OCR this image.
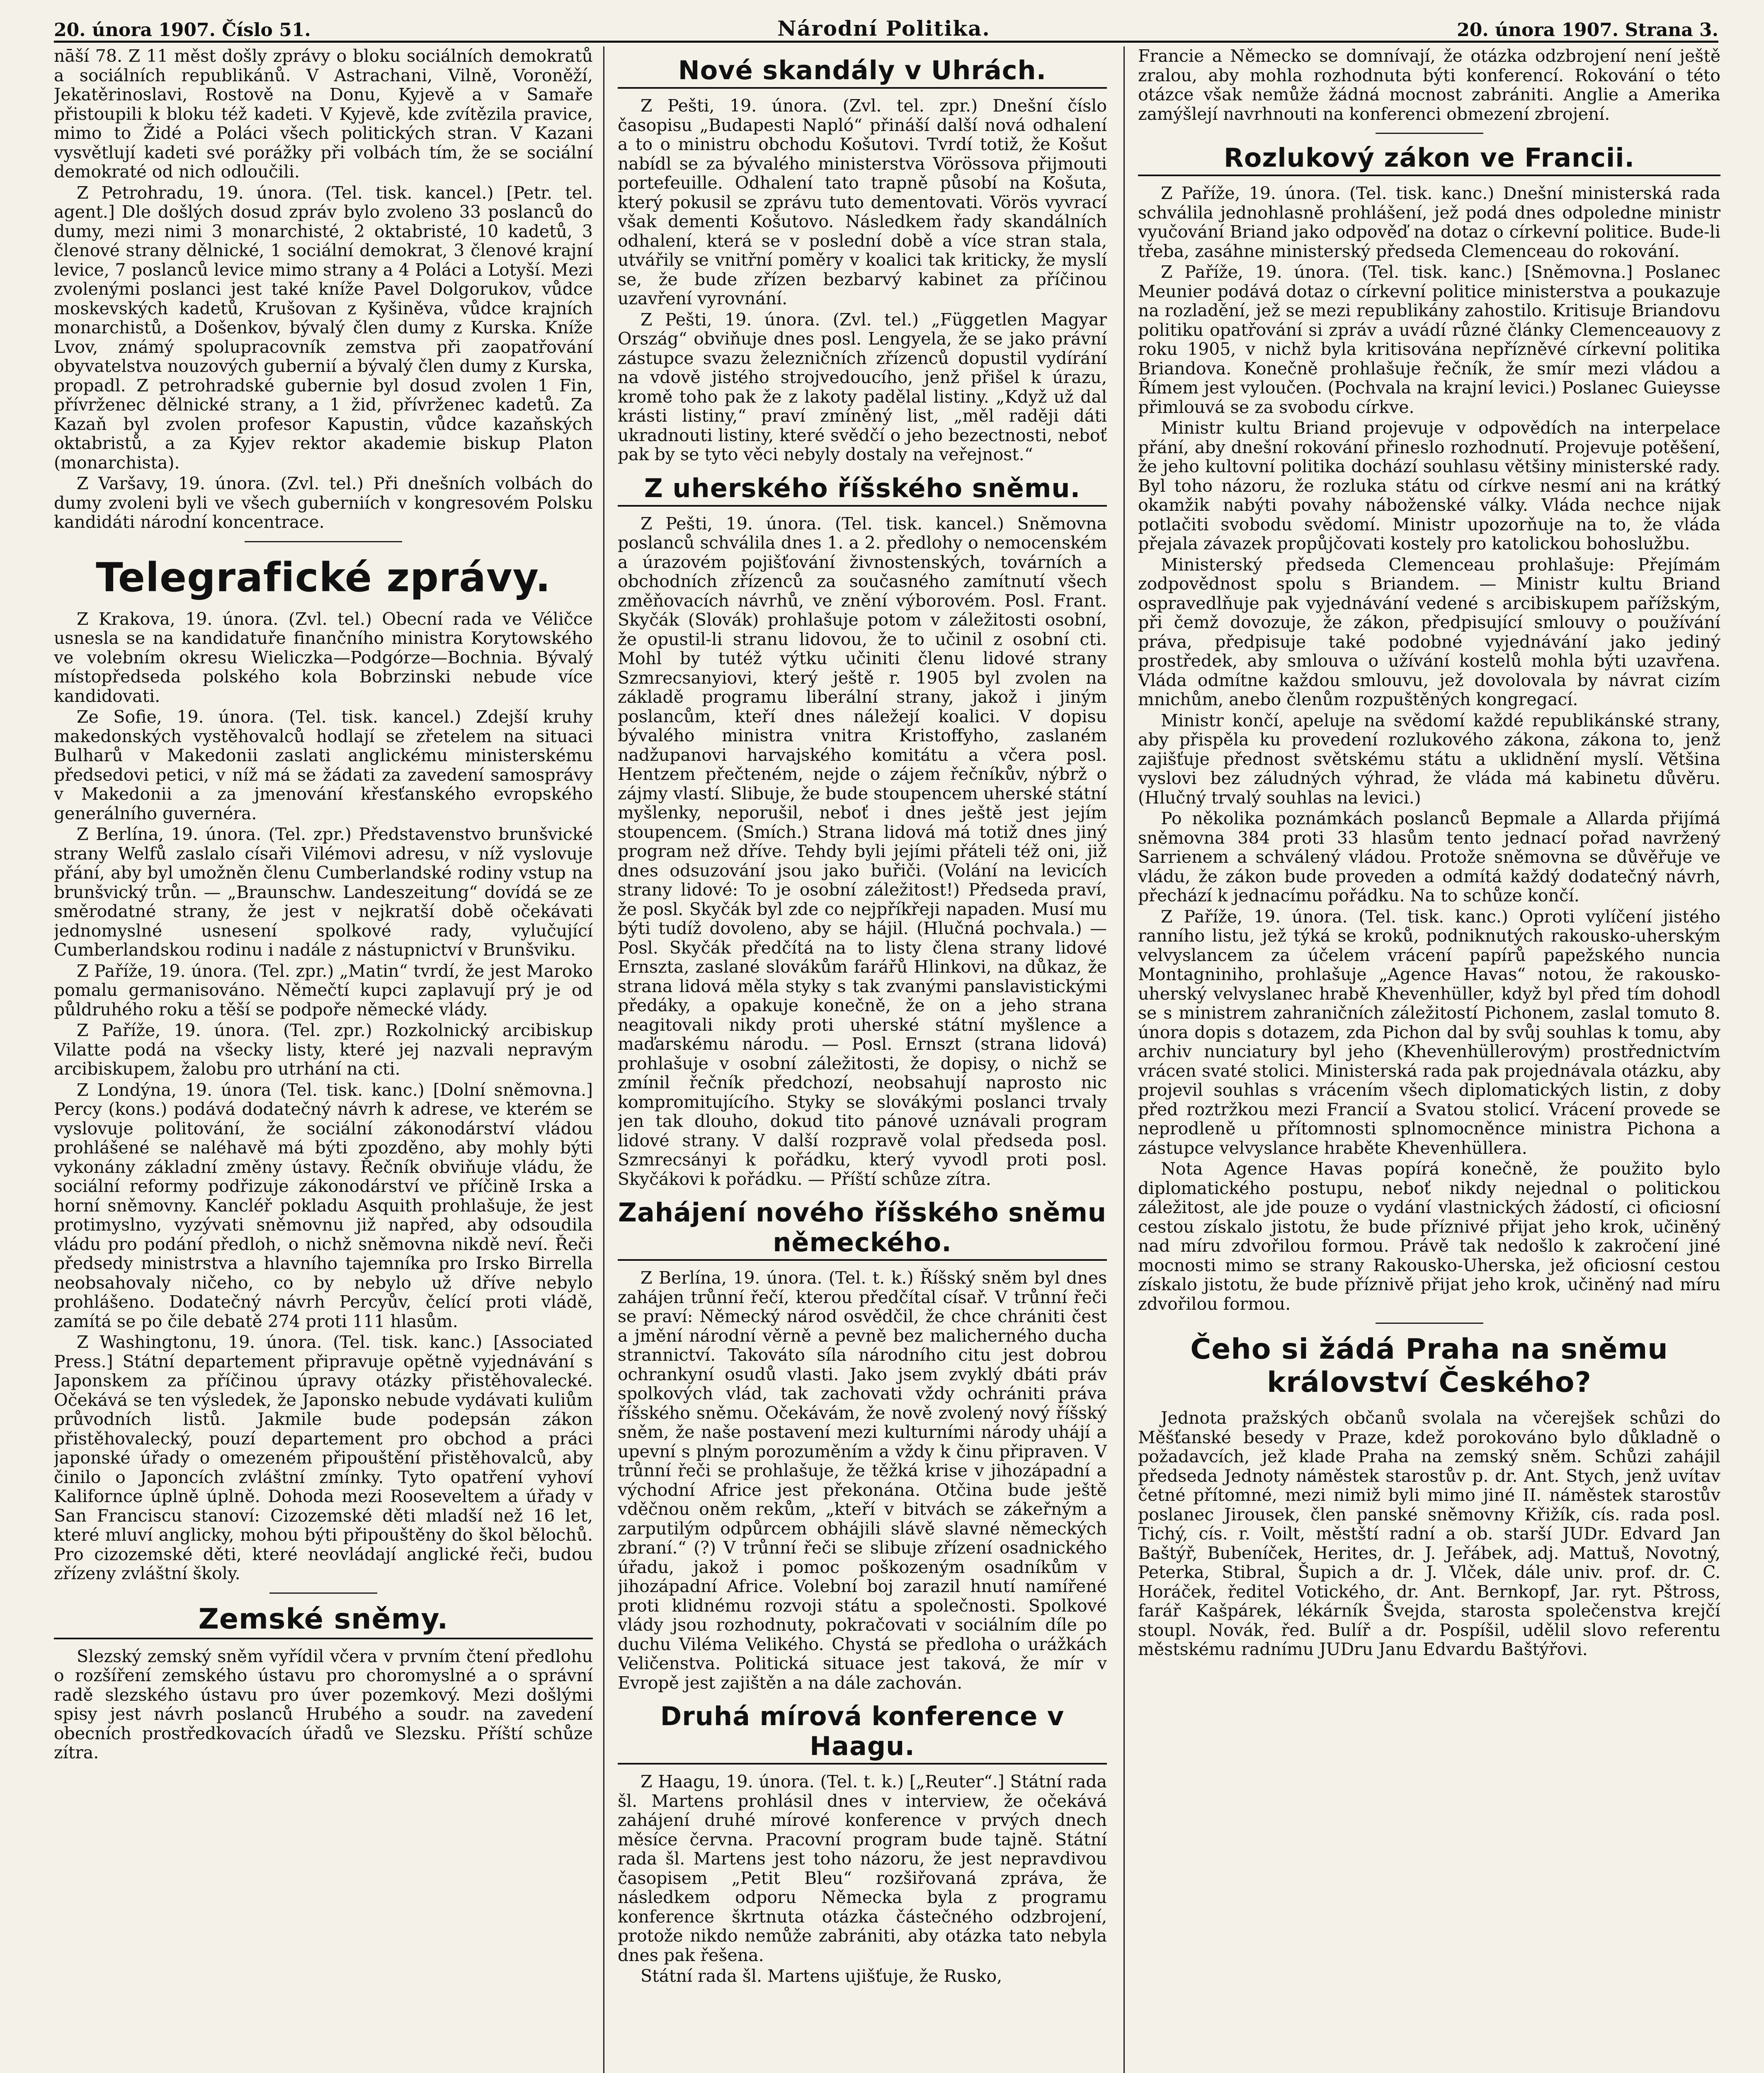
20. února 1907. Číslo 51.	Národní Politika.	20. února 1907. Strana 3.

nāší 78. Z 11 měst došly zprávy o bloku sociálních demokratů a sociálních republikánů. V Astrachani, Vilně, Voroněží, Jekatěrinoslavi, Rostově na Donu, Kyjevě a v Samaře přistoupili k bloku též kadeti. V Kyjevě, kde zvítězila pravice, mimo to Židé a Poláci všech politických stran. V Kazani vysvětlují kadeti své porážky při volbách tím, že se sociální demokraté od nich odloučili.

Z Petrohradu, 19. února. (Tel. tisk. kancel.) [Petr. tel. agent.] Dle došlých dosud zpráv bylo zvoleno 33 poslanců do dumy, mezi nimi 3 monarchisté, 2 oktabristé, 10 kadetů, 3 členové strany dělnické, 1 sociální demokrat, 3 členové krajní levice, 7 poslanců levice mimo strany a 4 Poláci a Lotyší. Mezi zvolenými poslanci jest také kníže Pavel Dolgorukov, vůdce moskevských kadetů, Krušovan z Kyšiněva, vůdce krajních monarchistů, a Došenkov, bývalý člen dumy z Kurska. Kníže Lvov, známý spolupracovník zemstva při zaopatřování obyvatelstva nouzových gubernií a bývalý člen dumy z Kurska, propadl. Z petrohradské gubernie byl dosud zvolen 1 Fin, přívrženec dělnické strany, a 1 žid, přívrženec kadetů. Za Kazaň byl zvolen profesor Kapustin, vůdce kazaňských oktabristů, a za Kyjev rektor akademie biskup Platon (monarchista).

Z Varšavy, 19. února. (Zvl. tel.) Při dnešních volbách do dumy zvoleni byli ve všech guberniích v kongresovém Polsku kandidáti národní koncentrace.

Telegrafické zprávy.

Z Krakova, 19. února. (Zvl. tel.) Obecní rada ve Véličce usnesla se na kandidatuře finančního ministra Korytowského ve volebním okresu Wieliczka—Podgórze—Bochnia. Bývalý místopředseda polského kola Bobrzinski nebude více kandidovati.

Ze Sofie, 19. února. (Tel. tisk. kancel.) Zdejší kruhy makedonských vystěhovalců hodlají se zřetelem na situaci Bulharů v Makedonii zaslati anglickému ministerskému předsedovi petici, v níž má se žádati za zavedení samosprávy v Makedonii a za jmenování křesťanského evropského generálního guvernéra.

Z Berlína, 19. února. (Tel. zpr.) Představenstvo brunšvické strany Welfů zaslalo císaři Vilémovi adresu, v níž vyslovuje přání, aby byl umožněn členu Cumberlandské rodiny vstup na brunšvický trůn. — „Braunschw. Landeszeitung“ dovídá se ze směrodatné strany, že jest v nejkratší době očekávati jednomyslné usnesení spolkové rady, vylučující Cumberlandskou rodinu i nadále z nástupnictví v Brunšviku.

Z Paříže, 19. února. (Tel. zpr.) „Matin“ tvrdí, že jest Maroko pomalu germanisováno. Němečtí kupci zaplavují prý je od půldruhého roku a těší se podpoře německé vlády.

Z Paříže, 19. února. (Tel. zpr.) Rozkolnický arcibiskup Vilatte podá na všecky listy, které jej nazvali nepravým arcibiskupem, žalobu pro utrhání na cti.

Z Londýna, 19. února (Tel. tisk. kanc.) [Dolní sněmovna.] Percy (kons.) podává dodatečný návrh k adrese, ve kterém se vyslovuje politování, že sociální zákonodárství vládou prohlášené se naléhavě má býti zpozděno, aby mohly býti vykonány základní změny ústavy. Řečník obviňuje vládu, že sociální reformy podřizuje zákonodárství ve příčině Irska a horní sněmovny. Kancléř pokladu Asquith prohlašuje, že jest protimyslno, vyzývati sněmovnu již napřed, aby odsoudila vládu pro podání předloh, o nichž sněmovna nikdě neví. Řeči předsedy ministrstva a hlavního tajemníka pro Irsko Birrella neobsahovaly ničeho, co by nebylo už dříve nebylo prohlášeno. Dodatečný návrh Percyův, čelící proti vládě, zamítá se po čile debatě 274 proti 111 hlasům.

Z Washingtonu, 19. února. (Tel. tisk. kanc.) [Associated Press.] Státní departement připravuje opětně vyjednávání s Japonskem za příčinou úpravy otázky přistěhovalecké. Očekává se ten výsledek, že Japonsko nebude vydávati kuliům průvodních listů. Jakmile bude podepsán zákon přistěhovalecký, pouzí departement pro obchod a práci japonské úřady o omezeném připouštění přistěhovalců, aby činilo o Japoncích zvláštní zmínky. Tyto opatření vyhoví Kalifornce úplně úplně. Dohoda mezi Rooseveltem a úřady v San Franciscu stanoví: Cizozemské děti mladší než 16 let, které mluví anglicky, mohou býti připouštěny do škol bělochů. Pro cizozemské děti, které neovládají anglické řeči, budou zřízeny zvláštní školy.

Zemské sněmy.

Slezský zemský sněm vyřídil včera v prvním čtení předlohu o rozšíření zemského ústavu pro choromyslné a o správní radě slezského ústavu pro úver pozemkový. Mezi došlými spisy jest návrh poslanců Hrubého a soudr. na zavedení obecních prostředkovacích úřadů ve Slezsku. Příští schůze zítra.

Nové skandály v Uhrách.

Z Pešti, 19. února. (Zvl. tel. zpr.) Dnešní číslo časopisu „Budapesti Napló“ přináší další nová odhalení a to o ministru obchodu Košutovi. Tvrdí totiž, že Košut nabídl se za bývalého ministerstva Vörössova přijmouti portefeuille. Odhalení tato trapně působí na Košuta, který pokusil se zprávu tuto dementovati. Vörös vyvrací však dementi Košutovo. Následkem řady skandálních odhalení, která se v poslední době a více stran stala, utvářily se vnitřní poměry v koalici tak kriticky, že myslí se, že bude zřízen bezbarvý kabinet za příčinou uzavření vyrovnání.

Z Pešti, 19. února. (Zvl. tel.) „Független Magyar Ország“ obviňuje dnes posl. Lengyela, že se jako právní zástupce svazu železničních zřízenců dopustil vydírání na vdově jistého strojvedoucího, jenž přišel k úrazu, kromě toho pak že z lakoty padělal listiny. „Když už dal krásti listiny,“ praví zmíněný list, „měl raději dáti ukradnouti listiny, které svědčí o jeho bezectnosti, neboť pak by se tyto věci nebyly dostaly na veřejnost.“

Z uherského říšského sněmu.

Z Pešti, 19. února. (Tel. tisk. kancel.) Sněmovna poslanců schválila dnes 1. a 2. předlohy o nemocenském a úrazovém pojišťování živnostenských, továrních a obchodních zřízenců za současného zamítnutí všech změňovacích návrhů, ve znění výborovém. Posl. Frant. Skyčák (Slovák) prohlašuje potom v záležitosti osobní, že opustil-li stranu lidovou, že to učinil z osobní cti. Mohl by tutéž výtku učiniti členu lidové strany Szmrecsanyiovi, který ještě r. 1905 byl zvolen na základě programu liberální strany, jakož i jiným poslancům, kteří dnes náležejí koalici. V dopisu bývalého ministra vnitra Kristoffyho, zaslaném nadžupanovi harvajského komitátu a včera posl. Hentzem přečteném, nejde o zájem řečníkův, nýbrž o zájmy vlastí. Slibuje, že bude stoupencem uherské státní myšlenky, neporušil, neboť i dnes ještě jest jejím stoupencem. (Smích.) Strana lidová má totiž dnes jiný program než dříve. Tehdy byli jejími přáteli též oni, již dnes odsuzování jsou jako buřiči. (Volání na levicích strany lidové: To je osobní záležitost!) Předseda praví, že posl. Skyčák byl zde co nejpříkřeji napaden. Musí mu býti tudíž dovoleno, aby se hájil. (Hlučná pochvala.) — Posl. Skyčák předčítá na to listy člena strany lidové Ernszta, zaslané slovákům farářů Hlinkovi, na důkaz, že strana lidová měla styky s tak zvanými panslavistickými předáky, a opakuje konečně, že on a jeho strana neagitovali nikdy proti uherské státní myšlence a maďarskému národu. — Posl. Ernszt (strana lidová) prohlašuje v osobní záležitosti, že dopisy, o nichž se zmínil řečník předchozí, neobsahují naprosto nic kompromitujícího. Styky se slovákými poslanci trvaly jen tak dlouho, dokud tito pánové uznávali program lidové strany. V další rozpravě volal předseda posl. Szmrecsányi k pořádku, který vyvodl proti posl. Skyčákovi k pořádku. — Příští schůze zítra.

Zahájení nového říšského sněmu německého.

Z Berlína, 19. února. (Tel. t. k.) Říšský sněm byl dnes zahájen trůnní řečí, kterou předčítal císař. V trůnní řeči se praví: Německý národ osvědčil, že chce chrániti čest a jmění národní věrně a pevně bez malicherného ducha strannictví. Takováto síla národního citu jest dobrou ochrankyní osudů vlasti. Jako jsem zvyklý dbáti práv spolkových vlád, tak zachovati vždy ochrániti práva říšského sněmu. Očekávám, že nově zvolený nový říšský sněm, že naše postavení mezi kulturními národy uhájí a upevní s plným porozuměním a vždy k činu připraven. V trůnní řeči se prohlašuje, že těžká krise v jihozápadní a východní Africe jest překonána. Otčina bude ještě vděčnou oněm rekům, „kteří v bitvách se zákeřným a zarputilým odpůrcem obhájili slávě slavné německých zbraní.“ (?) V trůnní řeči se slibuje zřízení osadnického úřadu, jakož i pomoc poškozeným osadníkům v jihozápadní Africe. Volební boj zarazil hnutí namířené proti klidnému rozvoji státu a společnosti. Spolkové vlády jsou rozhodnuty, pokračovati v sociálním díle po duchu Viléma Velikého. Chystá se předloha o urážkách Veličenstva. Politická situace jest taková, že mír v Evropě jest zajištěn a na dále zachován.

Druhá mírová konference v Haagu.

Z Haagu, 19. února. (Tel. t. k.) [„Reuter“.] Státní rada šl. Martens prohlásil dnes v interview, že očekává zahájení druhé mírové konference v prvých dnech měsíce června. Pracovní program bude tajně. Státní rada šl. Martens jest toho názoru, že jest nepravdivou časopisem „Petit Bleu“ rozšiřovaná zpráva, že následkem odporu Německa byla z programu konference škrtnuta otázka částečného odzbrojení, protože nikdo nemůže zabrániti, aby otázka tato nebyla dnes pak řešena.

Státní rada šl. Martens ujišťuje, že Rusko,

Francie a Německo se domnívají, že otázka odzbrojení není ještě zralou, aby mohla rozhodnuta býti konferencí. Rokování o této otázce však nemůže žádná mocnost zabrániti. Anglie a Amerika zamýšlejí navrhnouti na konferenci obmezení zbrojení.

Rozlukový zákon ve Francii.

Z Paříže, 19. února. (Tel. tisk. kanc.) Dnešní ministerská rada schválila jednohlasně prohlášení, jež podá dnes odpoledne ministr vyučování Briand jako odpověď na dotaz o církevní politice. Bude-li třeba, zasáhne ministerský předseda Clemenceau do rokování.

Z Paříže, 19. února. (Tel. tisk. kanc.) [Sněmovna.] Poslanec Meunier podává dotaz o církevní politice ministerstva a poukazuje na rozladění, jež se mezi republikány zahostilo. Kritisuje Briandovu politiku opatřování si zpráv a uvádí různé články Clemenceauovy z roku 1905, v nichž byla kritisována nepřízněvé církevní politika Briandova. Konečně prohlašuje řečník, že smír mezi vládou a Římem jest vyloučen. (Pochvala na krajní levici.) Poslanec Guieysse přimlouvá se za svobodu církve.

Ministr kultu Briand projevuje v odpovědích na interpelace přání, aby dnešní rokování přineslo rozhodnutí. Projevuje potěšení, že jeho kultovní politika dochází souhlasu většiny ministerské rady. Byl toho názoru, že rozluka státu od církve nesmí ani na krátký okamžik nabýti povahy náboženské války. Vláda nechce nijak potlačiti svobodu svědomí. Ministr upozorňuje na to, že vláda přejala závazek propůjčovati kostely pro katolickou bohoslužbu.

Ministerský předseda Clemenceau prohlašuje: Přejímám zodpovědnost spolu s Briandem. — Ministr kultu Briand ospravedlňuje pak vyjednávání vedené s arcibiskupem pařížským, při čemž dovozuje, že zákon, předpisující smlouvy o používání práva, předpisuje také podobné vyjednávání jako jediný prostředek, aby smlouva o užívání kostelů mohla býti uzavřena. Vláda odmítne každou smlouvu, jež dovolovala by návrat cizím mnichům, anebo členům rozpuštěných kongregací.

Ministr končí, apeluje na svědomí každé republikánské strany, aby přispěla ku provedení rozlukového zákona, zákona to, jenž zajišťuje přednost světskému státu a uklidnění myslí. Většina vyslovi bez záludných výhrad, že vláda má kabinetu důvěru. (Hlučný trvalý souhlas na levici.)

Po několika poznámkách poslanců Bepmale a Allarda přijímá sněmovna 384 proti 33 hlasům tento jednací pořad navržený Sarrienem a schválený vládou. Protože sněmovna se důvěřuje ve vládu, že zákon bude proveden a odmítá každý dodatečný návrh, přechází k jednacímu pořádku. Na to schůze končí.

Z Paříže, 19. února. (Tel. tisk. kanc.) Oproti vylíčení jistého ranního listu, jež týká se kroků, podniknutých rakousko-uherským velvyslancem za účelem vrácení papírů papežského nuncia Montagniniho, prohlašuje „Agence Havas“ notou, že rakousko-uherský velvyslanec hrabě Khevenhüller, když byl před tím dohodl se s ministrem zahraničních záležitostí Pichonem, zaslal tomuto 8. února dopis s dotazem, zda Pichon dal by svůj souhlas k tomu, aby archiv nunciatury byl jeho (Khevenhüllerovým) prostřednictvím vrácen svaté stolici. Ministerská rada pak projednávala otázku, aby projevil souhlas s vrácením všech diplomatických listin, z doby před roztržkou mezi Francií a Svatou stolicí. Vrácení provede se neprodleně u přítomnosti splnomocněnce ministra Pichona a zástupce velvyslance hraběte Khevenhüllera.

Nota Agence Havas popírá konečně, že použito bylo diplomatického postupu, neboť nikdy nejednal o politickou záležitost, ale jde pouze o vydání vlastnických žádostí, ci oficiosní cestou získalo jistotu, že bude příznivé přijat jeho krok, učiněný nad míru zdvořilou formou. Právě tak nedošlo k zakročení jiné mocnosti mimo se strany Rakousko-Uherska, jež oficiosní cestou získalo jistotu, že bude příznivě přijat jeho krok, učiněný nad míru zdvořilou formou.

Čeho si žádá Praha na sněmu království Českého?

Jednota pražských občanů svolala na včerejšek schůzi do Měšťanské besedy v Praze, kdež porokováno bylo důkladně o požadavcích, jež klade Praha na zemský sněm. Schůzi zahájil předseda Jednoty náměstek starostův p. dr. Ant. Stych, jenž uvítav četné přítomné, mezi nimiž byli mimo jiné II. náměstek starostův poslanec Jirousek, člen panské sněmovny Křižík, cís. rada posl. Tichý, cís. r. Voilt, městští radní a ob. starší JUDr. Edvard Jan Baštýř, Bubeníček, Herites, dr. J. Jeřábek, adj. Mattuš, Novotný, Peterka, Stibral, Šupich a dr. J. Vlček, dále univ. prof. dr. C. Horáček, ředitel Votického, dr. Ant. Bernkopf, Jar. ryt. Pštross, farář Kašpárek, lékárník Švejda, starosta společenstva krejčí stoupl. Novák, řed. Bulíř a dr. Pospíšil, udělil slovo referentu městskému radnímu JUDru Janu Edvardu Baštýřovi.
